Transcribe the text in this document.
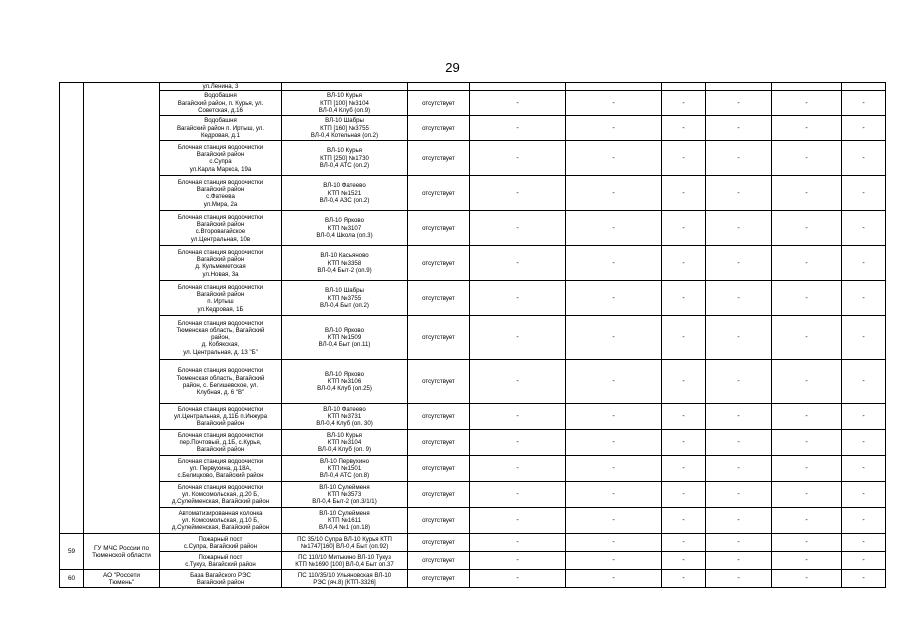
29
		ул.Ленина, 3								
		Водобашня
Вагайский район, п. Курья, ул.
Советская, д.16	ВЛ-10 Курья
КТП [100] №3104
ВЛ-0,4 Клуб (оп.9)	отсутствует	-	-	-	-	-	-
		Водобашня
Вагайский район п. Иртыш, ул.
Кедровая, д.1	ВЛ-10 Шабры
КТП [160] №3755
ВЛ-0,4 Котельная (оп.2)	отсутствует	-	-	-	-	-	-
		Блочная станция водоочистки
Вагайский район
с.Супра
ул.Карла Маркса, 19а	ВЛ-10 Курья
КТП [250] №1730
ВЛ-0,4 АТС (оп.2)	отсутствует	-	-	-	-	-	-
		Блочная станция водоочистки
Вагайский район
с.Фатеева
ул.Мира, 2а	ВЛ-10 Фатеево
КТП №1521
ВЛ-0,4 АЗС (оп.2)	отсутствует	-	-	-	-	-	-
		Блочная станция водоочистки
Вагайский район
с.Второвагайское
ул.Центральная, 10в	ВЛ-10 Ярково
КТП №3107
ВЛ-0,4 Школа (оп.3)	отсутствует	-	-	-	-	-	-
		Блочная станция водоочистки
Вагайский район
д. Кульмеметская
ул.Новая, 3а	ВЛ-10 Касьяново
КТП №3358
ВЛ-0,4 Быт-2 (оп.9)	отсутствует	-	-	-	-	-	-
		Блочная станция водоочистки
Вагайский район
п. Иртыш
ул.Кедровая, 1Б	ВЛ-10 Шабры
КТП №3755
ВЛ-0,4 Быт (оп.2)	отсутствует	-	-	-	-	-	-
		Блочная станция водоочистки
Тюменская область, Вагайский
район,
д. Кобякская,
ул. Центральная, д. 13 "Б"	ВЛ-10 Ярково
КТП №1509
ВЛ-0,4 Быт (оп.11)	отсутствует	-	-	-	-	-	-
		Блочная станция водоочистки
Тюменская область, Вагайский
район, с. Бегишевское, ул.
Клубная, д. 6 "В"	ВЛ-10 Ярково
КТП №3106
ВЛ-0,4 Клуб (оп.25)	отсутствует	-	-	-	-	-	-
		Блочная станция водоочистки
ул.Центральная, д.11Б п.Инжура
Вагайский район	ВЛ-10 Фатеево
КТП №3731
ВЛ-0,4 Клуб (оп. 30)	отсутствует	-	-	-	-	-	-
		Блочная станция водоочистки
пер.Почтовый, д.1Б, с.Курья,
Вагайский район	ВЛ-10 Курья
КТП №3104
ВЛ-0,4 Клуб (оп. 9)	отсутствует	-	-	-	-	-	-
		Блочная станция водоочистки
ул. Первухина, д.18А,
с.Белицково, Вагайский район	ВЛ-10 Первухино
КТП №1501
ВЛ-0,4 АТС (оп.8)	отсутствует	-	-	-	-	-	-
		Блочная станция водоочистки
ул. Комсомольская, д.20 Б,
д.Сулейменская, Вагайский район	ВЛ-10 Сулейменя
КТП №3573
ВЛ-0,4 Быт-2 (оп.3/1/1)	отсутствует	-	-	-	-	-	-
		Автоматизированная колонка
ул. Комсомольская, д.10 Б,
д.Сулейменская, Вагайский район	ВЛ-10 Сулейменя
КТП №1611
ВЛ-0,4 №1 (оп.18)	отсутствует	-	-	-	-	-	-
59	ГУ МЧС России по
Тюменской области	Пожарный пост
с.Супра, Вагайский район	ПС 35/10 Супра ВЛ-10 Курья КТП
№1747[160] ВЛ-0,4 Быт (оп.92)	отсутствует	-	-	-	-	-	-
		Пожарный пост
с.Тукуз, Вагайский район	ПС 110/10 Митькино ВЛ-10 Тукуз
КТП №1690 [100] ВЛ-0,4 Быт оп.37	отсутствует	-	-	-	-	-	-
60	АО "Россети
Тюмень"	База Вагайского РЭС
Вагайский район	ПС 110/35/10 Ульяновская ВЛ-10
РЭС (яч.8) [КТП-3326]	отсутствует	-	-	-	-	-	-
